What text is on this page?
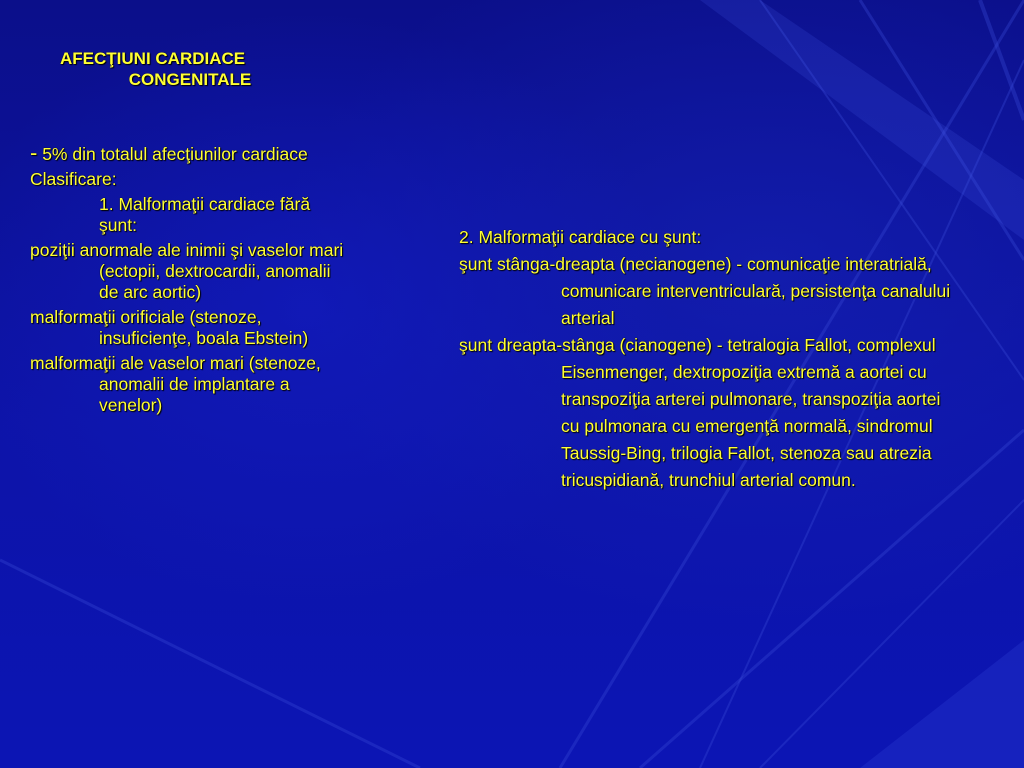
AFECŢIUNI CARDIACE
CONGENITALE

- 5% din totalul afecţiunilor cardiace

Clasificare:

1. Malformaţii cardiace fără şunt:

poziţii anormale ale inimii şi vaselor mari (ectopii, dextrocardii, anomalii de arc aortic)

malformaţii orificiale (stenoze, insuficienţe, boala Ebstein)

malformaţii ale vaselor mari (stenoze, anomalii de implantare a venelor)

2. Malformaţii cardiace cu şunt:

şunt stânga-dreapta (necianogene) - comunicaţie interatrială, comunicare interventriculară, persistenţa canalului arterial

şunt dreapta-stânga (cianogene) - tetralogia Fallot, complexul Eisenmenger, dextropoziţia extremă a aortei cu transpoziţia arterei pulmonare, transpoziţia aortei cu pulmonara cu emergenţă normală, sindromul Taussig-Bing, trilogia Fallot, stenoza sau atrezia tricuspidiană, trunchiul arterial comun.
